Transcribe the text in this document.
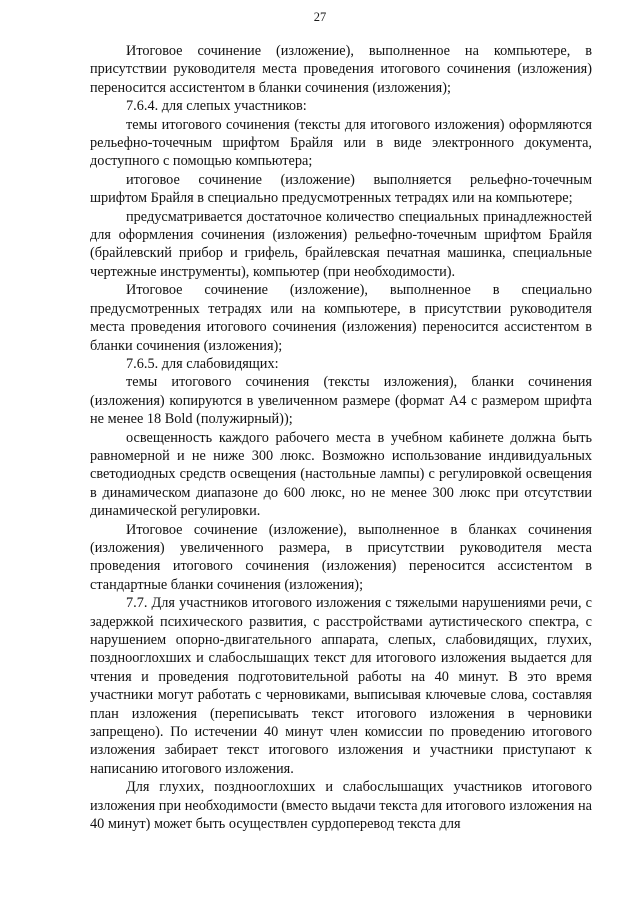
27

Итоговое сочинение (изложение), выполненное на компьютере, в присутствии руководителя места проведения итогового сочинения (изложения) переносится ассистентом в бланки сочинения (изложения);

7.6.4. для слепых участников:

темы итогового сочинения (тексты для итогового изложения) оформляются рельефно-точечным шрифтом Брайля или в виде электронного документа, доступного с помощью компьютера;

итоговое сочинение (изложение) выполняется рельефно-точечным шрифтом Брайля в специально предусмотренных тетрадях или на компьютере;

предусматривается достаточное количество специальных принадлежностей для оформления сочинения (изложения) рельефно-точечным шрифтом Брайля (брайлевский прибор и грифель, брайлевская печатная машинка, специальные чертежные инструменты), компьютер (при необходимости).

Итоговое сочинение (изложение), выполненное в специально предусмотренных тетрадях или на компьютере, в присутствии руководителя места проведения итогового сочинения (изложения) переносится ассистентом в бланки сочинения (изложения);

7.6.5. для слабовидящих:

темы итогового сочинения (тексты изложения), бланки сочинения (изложения) копируются в увеличенном размере (формат А4 с размером шрифта не менее 18 Bold (полужирный));

освещенность каждого рабочего места в учебном кабинете должна быть равномерной и не ниже 300 люкс. Возможно использование индивидуальных светодиодных средств освещения (настольные лампы) с регулировкой освещения в динамическом диапазоне до 600 люкс, но не менее 300 люкс при отсутствии динамической регулировки.

Итоговое сочинение (изложение), выполненное в бланках сочинения (изложения) увеличенного размера, в присутствии руководителя места проведения итогового сочинения (изложения) переносится ассистентом в стандартные бланки сочинения (изложения);

7.7. Для участников итогового изложения с тяжелыми нарушениями речи, с задержкой психического развития, с расстройствами аутистического спектра, с нарушением опорно-двигательного аппарата, слепых, слабовидящих, глухих, позднооглохших и слабослышащих текст для итогового изложения выдается для чтения и проведения подготовительной работы на 40 минут. В это время участники могут работать с черновиками, выписывая ключевые слова, составляя план изложения (переписывать текст итогового изложения в черновики запрещено). По истечении 40 минут член комиссии по проведению итогового изложения забирает текст итогового изложения и участники приступают к написанию итогового изложения.

Для глухих, позднооглохших и слабослышащих участников итогового изложения при необходимости (вместо выдачи текста для итогового изложения на 40 минут) может быть осуществлен сурдоперевод текста для
